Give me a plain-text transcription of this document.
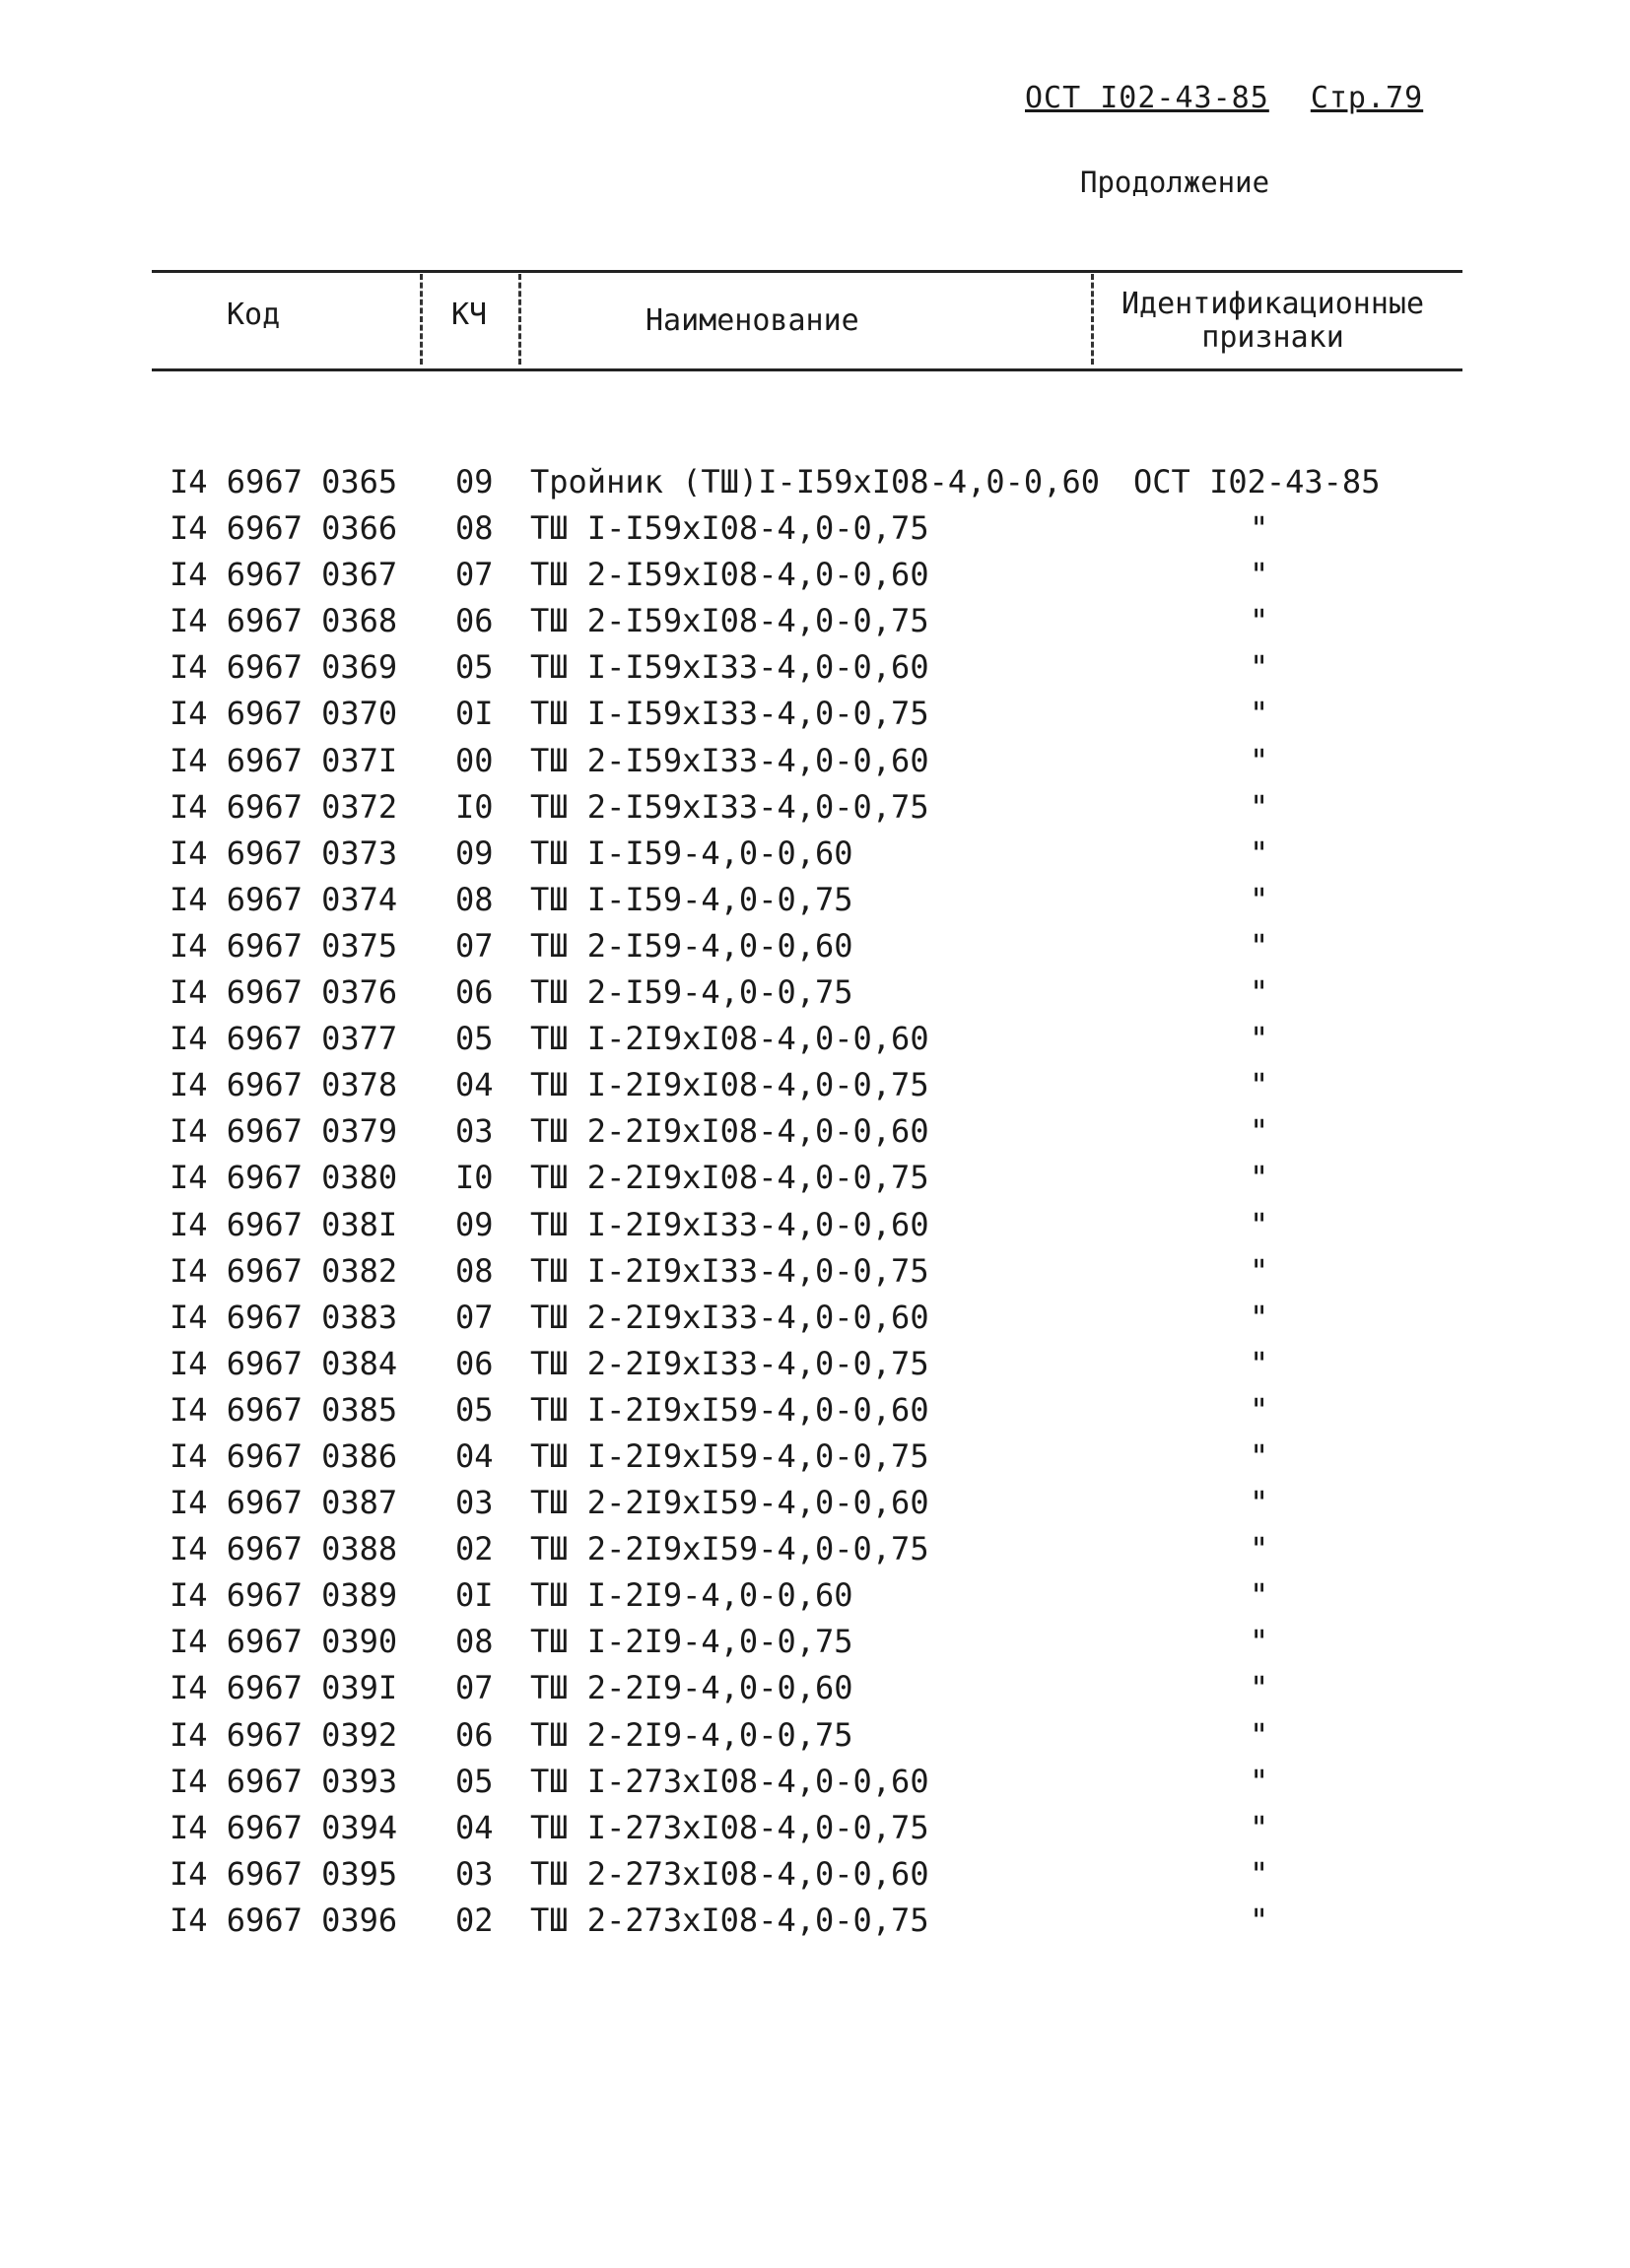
ОСТ I02-43-85 Стр.79
Продолжение
Код	КЧ	Наименование	Идентификационные
признаки
I4 6967 0365 09 Тройник (ТШ)I-I59xI08-4,0-0,60 ОСТ I02-43-85
I4 6967 0366 08 ТШ I-I59xI08-4,0-0,75	"
I4 6967 0367 07 ТШ 2-I59xI08-4,0-0,60	"
I4 6967 0368 06 ТШ 2-I59xI08-4,0-0,75	"
I4 6967 0369 05 ТШ I-I59xI33-4,0-0,60	"
I4 6967 0370 0I ТШ I-I59xI33-4,0-0,75	"
I4 6967 037I 00 ТШ 2-I59xI33-4,0-0,60	"
I4 6967 0372 I0 ТШ 2-I59xI33-4,0-0,75	"
I4 6967 0373 09 ТШ I-I59-4,0-0,60	"
I4 6967 0374 08 ТШ I-I59-4,0-0,75	"
I4 6967 0375 07 ТШ 2-I59-4,0-0,60	"
I4 6967 0376 06 ТШ 2-I59-4,0-0,75	"
I4 6967 0377 05 ТШ I-2I9xI08-4,0-0,60	"
I4 6967 0378 04 ТШ I-2I9xI08-4,0-0,75	"
I4 6967 0379 03 ТШ 2-2I9xI08-4,0-0,60	"
I4 6967 0380 I0 ТШ 2-2I9xI08-4,0-0,75	"
I4 6967 038I 09 ТШ I-2I9xI33-4,0-0,60	"
I4 6967 0382 08 ТШ I-2I9xI33-4,0-0,75	"
I4 6967 0383 07 ТШ 2-2I9xI33-4,0-0,60	"
I4 6967 0384 06 ТШ 2-2I9xI33-4,0-0,75	"
I4 6967 0385 05 ТШ I-2I9xI59-4,0-0,60	"
I4 6967 0386 04 ТШ I-2I9xI59-4,0-0,75	"
I4 6967 0387 03 ТШ 2-2I9xI59-4,0-0,60	"
I4 6967 0388 02 ТШ 2-2I9xI59-4,0-0,75	"
I4 6967 0389 0I ТШ I-2I9-4,0-0,60	"
I4 6967 0390 08 ТШ I-2I9-4,0-0,75	"
I4 6967 039I 07 ТШ 2-2I9-4,0-0,60	"
I4 6967 0392 06 ТШ 2-2I9-4,0-0,75	"
I4 6967 0393 05 ТШ I-273xI08-4,0-0,60	"
I4 6967 0394 04 ТШ I-273xI08-4,0-0,75	"
I4 6967 0395 03 ТШ 2-273xI08-4,0-0,60	"
I4 6967 0396 02 ТШ 2-273xI08-4,0-0,75	"
